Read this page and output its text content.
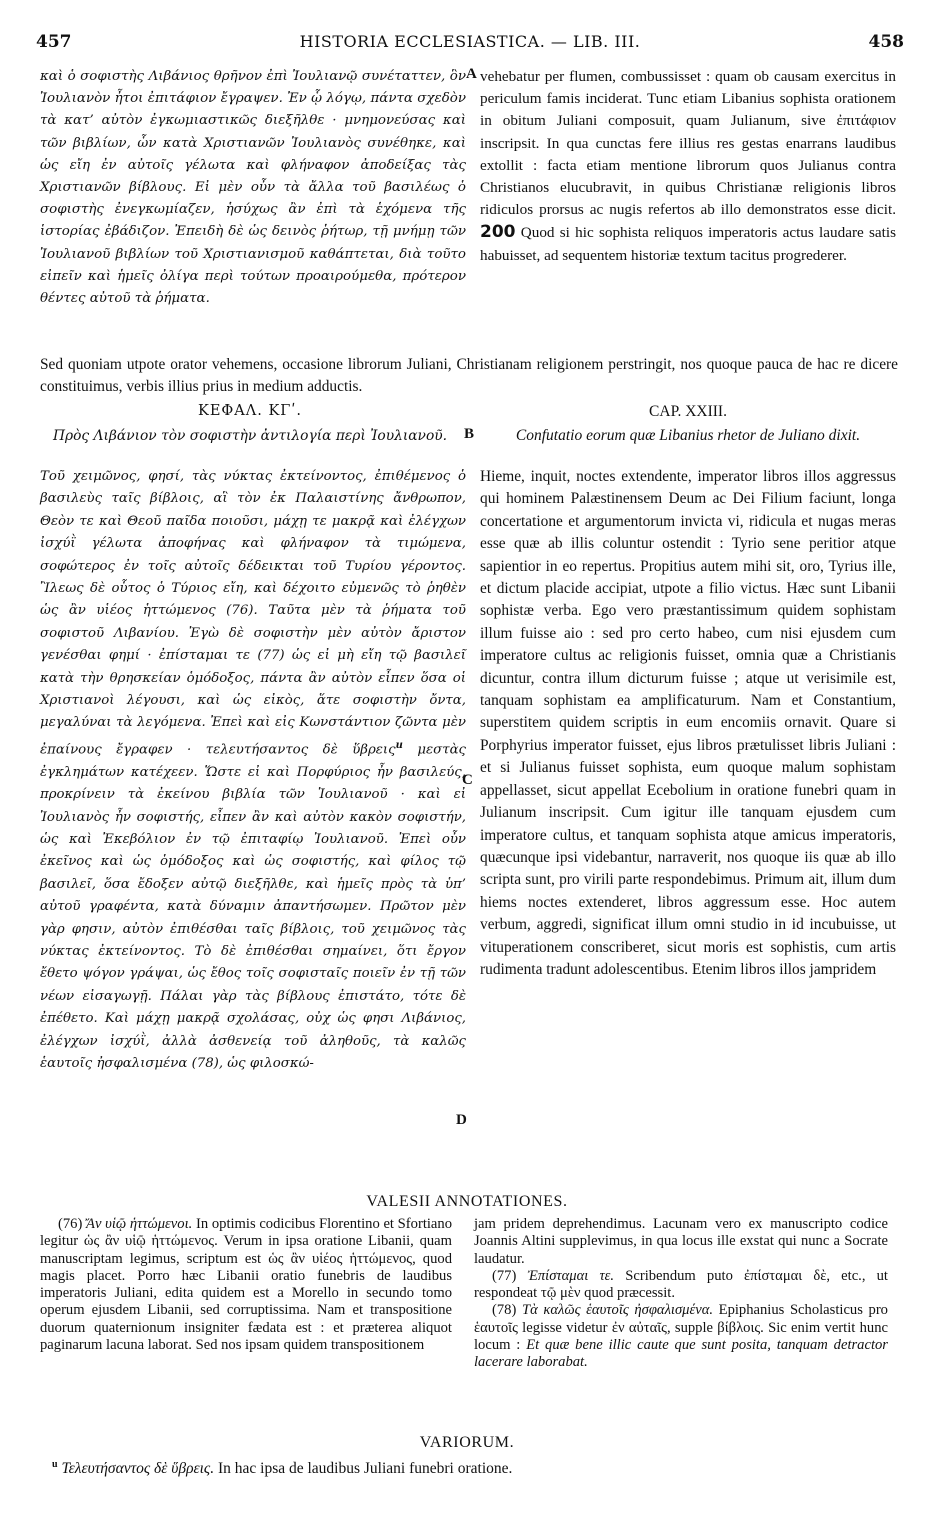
457	HISTORIA ECCLESIASTICA. — LIB. III.	458

καὶ ὁ σοφιστὴς Λιβάνιος θρῆνον ἐπὶ Ἰουλιανῷ συνέταττεν, ὃν Ἰουλιανὸν ἦτοι ἐπιτάφιον ἔγραψεν. Ἐν ᾧ λόγῳ, πάντα σχεδὸν τὰ κατ’ αὐτὸν ἐγκωμιαστικῶς διεξῆλθε · μνημονεύσας καὶ τῶν βιβλίων, ὧν κατὰ Χριστιανῶν Ἰουλιανὸς συνέθηκε, καὶ ὡς εἴη ἐν αὐτοῖς γέλωτα καὶ φλήναφον ἀποδείξας τὰς Χριστιανῶν βίβλους. Εἰ μὲν οὖν τὰ ἄλλα τοῦ βασιλέως ὁ σοφιστὴς ἐνεγκωμίαζεν, ἡσύχως ἂν ἐπὶ τὰ ἑχόμενα τῆς ἱστορίας ἐβάδιζον. Ἐπειδὴ δὲ ὡς δεινὸς ῥήτωρ, τῇ μνήμῃ τῶν Ἰουλιανοῦ βιβλίων τοῦ Χριστιανισμοῦ καθάπτεται, διὰ τοῦτο εἰπεῖν καὶ ἡμεῖς ὀλίγα περὶ τούτων προαιρούμεθα, πρότερον θέντες αὐτοῦ τὰ ῥήματα.

A vehebatur per flumen, combussisset : quam ob causam exercitus in periculum famis inciderat. Tunc etiam Libanius sophista orationem in obitum Juliani composuit, quam Julianum, sive ἐπιτάφιον inscripsit. In qua cunctas fere illius res gestas enarrans laudibus extollit : facta etiam mentione librorum quos Julianus contra Christianos elucubravit, in quibus Christianæ religionis libros ridiculos prorsus ac nugis refertos ab illo demonstratos esse dicit. 200 Quod si hic sophista reliquos imperatoris actus laudare satis habuisset, ad sequentem historiæ textum tacitus progrederer.

Sed quoniam utpote orator vehemens, occasione librorum Juliani, Christianam religionem perstringit, nos quoque pauca de hac re dicere constituimus, verbis illius prius in medium adductis.
ΚΕΦΑΛ. ΚΓʹ.	CAP. XXIII.
Πρὸς Λιβάνιον τὸν σοφιστὴν ἀντιλογία περὶ Ἰουλιανοῦ.	B	Confutatio eorum quæ Libanius rhetor de Juliano dixit.

Τοῦ χειμῶνος, φησί, τὰς νύκτας ἐκτείνοντος, ἐπιθέμενος ὁ βασιλεὺς ταῖς βίβλοις, αἳ τὸν ἐκ Παλαιστίνης ἄνθρωπον, Θεὸν τε καὶ Θεοῦ παῖδα ποιοῦσι, μάχῃ τε μακρᾷ καὶ ἐλέγχων ἰσχύῒ γέλωτα ἀποφήνας καὶ φλήναφον τὰ τιμώμενα, σοφώτερος ἐν τοῖς αὐτοῖς δέδεικται τοῦ Τυρίου γέροντος. Ἲλεως δὲ οὗτος ὁ Τύριος εἴη, καὶ δέχοιτο εὐμενῶς τὸ ῥηθὲν ὡς ἂν υἱέος ἡττώμενος (76). Ταῦτα μὲν τὰ ῥήματα τοῦ σοφιστοῦ Λιβανίου. Ἐγὼ δὲ σοφιστὴν μὲν αὐτὸν ἄριστον γενέσθαι φημί · ἐπίσταμαι τε (77) ὡς εἰ μὴ εἴη τῷ βασιλεῖ κατὰ τὴν θρησκείαν ὁμόδοξος, πάντα ἂν αὐτὸν εἶπεν ὅσα οἱ Χριστιανοὶ λέγουσι, καὶ ὡς εἰκὸς, ἅτε σοφιστὴν ὄντα, μεγαλύναι τὰ λεγόμενα. Ἐπεὶ καὶ εἰς Κωνστάντιον ζῶντα μὲν ἐπαίνους ἔγραφεν · τελευτήσαντος δὲ ὕβρεις$^u$ μεστὰς ἐγκλημάτων κατέχεεν. Ὥστε εἰ καὶ Πορφύριος ἦν βασιλεύς, προκρίνειν τὰ ἐκείνου βιβλία τῶν Ἰουλιανοῦ · καὶ εἰ Ἰουλιανὸς ἦν σοφιστής, εἶπεν ἂν καὶ αὐτὸν κακὸν σοφιστήν, ὡς καὶ Ἐκεβόλιον ἐν τῷ ἐπιταφίῳ Ἰουλιανοῦ. Ἐπεὶ οὖν ἐκεῖνος καὶ ὡς ὁμόδοξος καὶ ὡς σοφιστής, καὶ φίλος τῷ βασιλεῖ, ὅσα ἔδοξεν αὐτῷ διεξῆλθε, καὶ ἡμεῖς πρὸς τὰ ὑπ’ αὐτοῦ γραφέντα, κατὰ δύναμιν ἀπαντήσωμεν. Πρῶτον μὲν γὰρ φησιν, αὐτὸν ἐπιθέσθαι ταῖς βίβλοις, τοῦ χειμῶνος τὰς νύκτας ἐκτείνοντος. Τὸ δὲ ἐπιθέσθαι σημαίνει, ὅτι ἔργον ἔθετο ψόγον γράψαι, ὡς ἔθος τοῖς σοφισταῖς ποιεῖν ἐν τῇ τῶν νέων εἰσαγωγῇ. Πάλαι γὰρ τὰς βίβλους ἐπιστάτο, τότε δὲ ἐπέθετο. Καὶ μάχῃ μακρᾷ σχολάσας, οὐχ ὡς φησι Λιβάνιος, ἐλέγχων ἰσχύῒ, ἀλλὰ ἀσθενείᾳ τοῦ ἀληθοῦς, τὰ καλῶς ἑαυτοῖς ἠσφαλισμένα (78), ὡς φιλοσκώ-

C
D

Hieme, inquit, noctes extendente, imperator libros illos aggressus qui hominem Palæstinensem Deum ac Dei Filium faciunt, longa concertatione et argumentorum invicta vi, ridicula et nugas meras esse quæ ab illis coluntur ostendit : Tyrio sene peritior atque sapientior in eo repertus. Propitius autem mihi sit, oro, Tyrius ille, et dictum placide accipiat, utpote a filio victus. Hæc sunt Libanii sophistæ verba. Ego vero præstantissimum quidem sophistam illum fuisse aio : sed pro certo habeo, cum nisi ejusdem cum imperatore cultus ac religionis fuisset, omnia quæ a Christianis dicuntur, contra illum dicturum fuisse ; atque ut verisimile est, tanquam sophistam ea amplificaturum. Nam et Constantium, superstitem quidem scriptis in eum encomiis ornavit. Quare si Porphyrius imperator fuisset, ejus libros prætulisset libris Juliani : et si Julianus fuisset sophista, eum quoque malum sophistam appellasset, sicut appellat Ecebolium in oratione funebri quam in Julianum inscripsit. Cum igitur ille tanquam ejusdem cum imperatore cultus, et tanquam sophista atque amicus imperatoris, quæcunque ipsi videbantur, narraverit, nos quoque iis quæ ab illo scripta sunt, pro virili parte respondebimus. Primum ait, illum dum hiems noctes extenderet, libros aggressum esse. Hoc autem verbum, aggredi, significat illum omni studio in id incubuisse, ut vituperationem conscriberet, sicut moris est sophistis, cum artis rudimenta tradunt adolescentibus. Etenim libros illos jampridem

VALESII ANNOTATIONES.

(76) Ἄν υἱῷ ἡττώμενοι. In optimis codicibus Florentino et Sfortiano legitur ὡς ἂν υἱῷ ἡττώμενος. Verum in ipsa oratione Libanii, quam manuscriptam legimus, scriptum est ὡς ἂν υἱέος ἡττώμενος, quod magis placet. Porro hæc Libanii oratio funebris de laudibus imperatoris Juliani, edita quidem est a Morello in secundo tomo operum ejusdem Libanii, sed corruptissima. Nam et transpositione duorum quaternionum insigniter fædata est : et præterea aliquot paginarum lacuna laborat. Sed nos ipsam quidem transpositionem

jam pridem deprehendimus. Lacunam vero ex manuscripto codice Joannis Altini supplevimus, in qua locus ille exstat qui nunc a Socrate laudatur.

(77) Ἐπίσταμαι τε. Scribendum puto ἐπίσταμαι δὲ, etc., ut respondeat τῷ μὲν quod præcessit.

(78) Τὰ καλῶς ἑαυτοῖς ἠσφαλισμένα. Epiphanius Scholasticus pro ἑαυτοῖς legisse videtur ἐν αὐταῖς, supple βίβλοις. Sic enim vertit hunc locum : Et quæ bene illic caute que sunt posita, tanquam detractor lacerare laborabat.

VARIORUM.
$^u$ Τελευτήσαντος δὲ ὕβρεις. In hac ipsa de laudibus Juliani funebri oratione.
